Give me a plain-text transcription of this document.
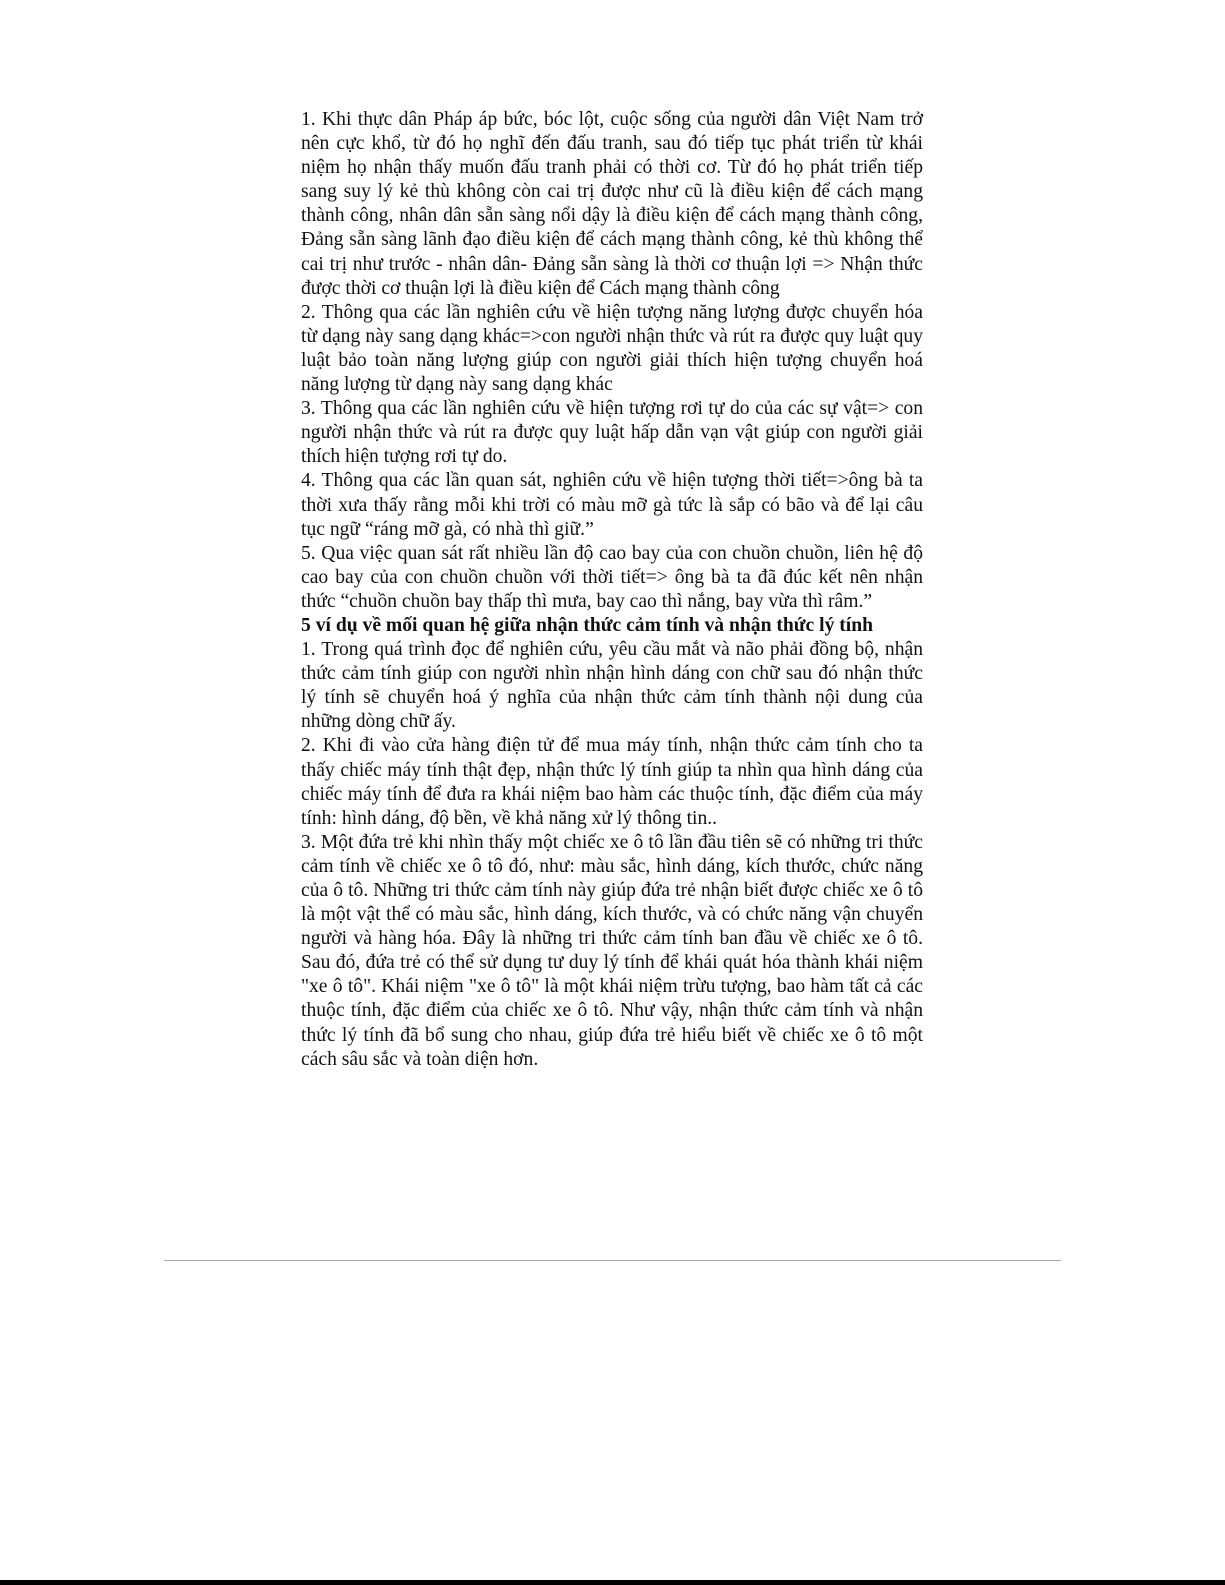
1. Khi thực dân Pháp áp bức, bóc lột, cuộc sống của người dân Việt Nam trở nên cực khổ, từ đó họ nghĩ đến đấu tranh, sau đó tiếp tục phát triển từ khái niệm họ nhận thấy muốn đấu tranh phải có thời cơ. Từ đó họ phát triển tiếp sang suy lý kẻ thù không còn cai trị được như cũ là điều kiện để cách mạng thành công, nhân dân sẵn sàng nổi dậy là điều kiện để cách mạng thành công, Đảng sẵn sàng lãnh đạo điều kiện để cách mạng thành công, kẻ thù không thể cai trị như trước - nhân dân- Đảng sẵn sàng là thời cơ thuận lợi => Nhận thức được thời cơ thuận lợi là điều kiện để Cách mạng thành công

2. Thông qua các lần nghiên cứu về hiện tượng năng lượng được chuyển hóa từ dạng này sang dạng khác=>con người nhận thức và rút ra được quy luật quy luật bảo toàn năng lượng giúp con người giải thích hiện tượng chuyển hoá năng lượng từ dạng này sang dạng khác

3. Thông qua các lần nghiên cứu về hiện tượng rơi tự do của các sự vật=> con người nhận thức và rút ra được quy luật hấp dẫn vạn vật giúp con người giải thích hiện tượng rơi tự do.

4. Thông qua các lần quan sát, nghiên cứu về hiện tượng thời tiết=>ông bà ta thời xưa thấy rằng mỗi khi trời có màu mỡ gà tức là sắp có bão và để lại câu tục ngữ “ráng mỡ gà, có nhà thì giữ.”

5. Qua việc quan sát rất nhiều lần độ cao bay của con chuồn chuồn, liên hệ độ cao bay của con chuồn chuồn với thời tiết=> ông bà ta đã đúc kết nên nhận thức “chuồn chuồn bay thấp thì mưa, bay cao thì nắng, bay vừa thì râm.”

5 ví dụ về mối quan hệ giữa nhận thức cảm tính và nhận thức lý tính

1. Trong quá trình đọc để nghiên cứu, yêu cầu mắt và não phải đồng bộ, nhận thức cảm tính giúp con người nhìn nhận hình dáng con chữ sau đó nhận thức lý tính sẽ chuyển hoá ý nghĩa của nhận thức cảm tính thành nội dung của những dòng chữ ấy.

2. Khi đi vào cửa hàng điện tử để mua máy tính, nhận thức cảm tính cho ta thấy chiếc máy tính thật đẹp, nhận thức lý tính giúp ta nhìn qua hình dáng của chiếc máy tính để đưa ra khái niệm bao hàm các thuộc tính, đặc điểm của máy tính: hình dáng, độ bền, về khả năng xử lý thông tin..

3. Một đứa trẻ khi nhìn thấy một chiếc xe ô tô lần đầu tiên sẽ có những tri thức cảm tính về chiếc xe ô tô đó, như: màu sắc, hình dáng, kích thước, chức năng của ô tô. Những tri thức cảm tính này giúp đứa trẻ nhận biết được chiếc xe ô tô là một vật thể có màu sắc, hình dáng, kích thước, và có chức năng vận chuyển người và hàng hóa. Đây là những tri thức cảm tính ban đầu về chiếc xe ô tô. Sau đó, đứa trẻ có thể sử dụng tư duy lý tính để khái quát hóa thành khái niệm "xe ô tô". Khái niệm "xe ô tô" là một khái niệm trừu tượng, bao hàm tất cả các thuộc tính, đặc điểm của chiếc xe ô tô. Như vậy, nhận thức cảm tính và nhận thức lý tính đã bổ sung cho nhau, giúp đứa trẻ hiểu biết về chiếc xe ô tô một cách sâu sắc và toàn diện hơn.
